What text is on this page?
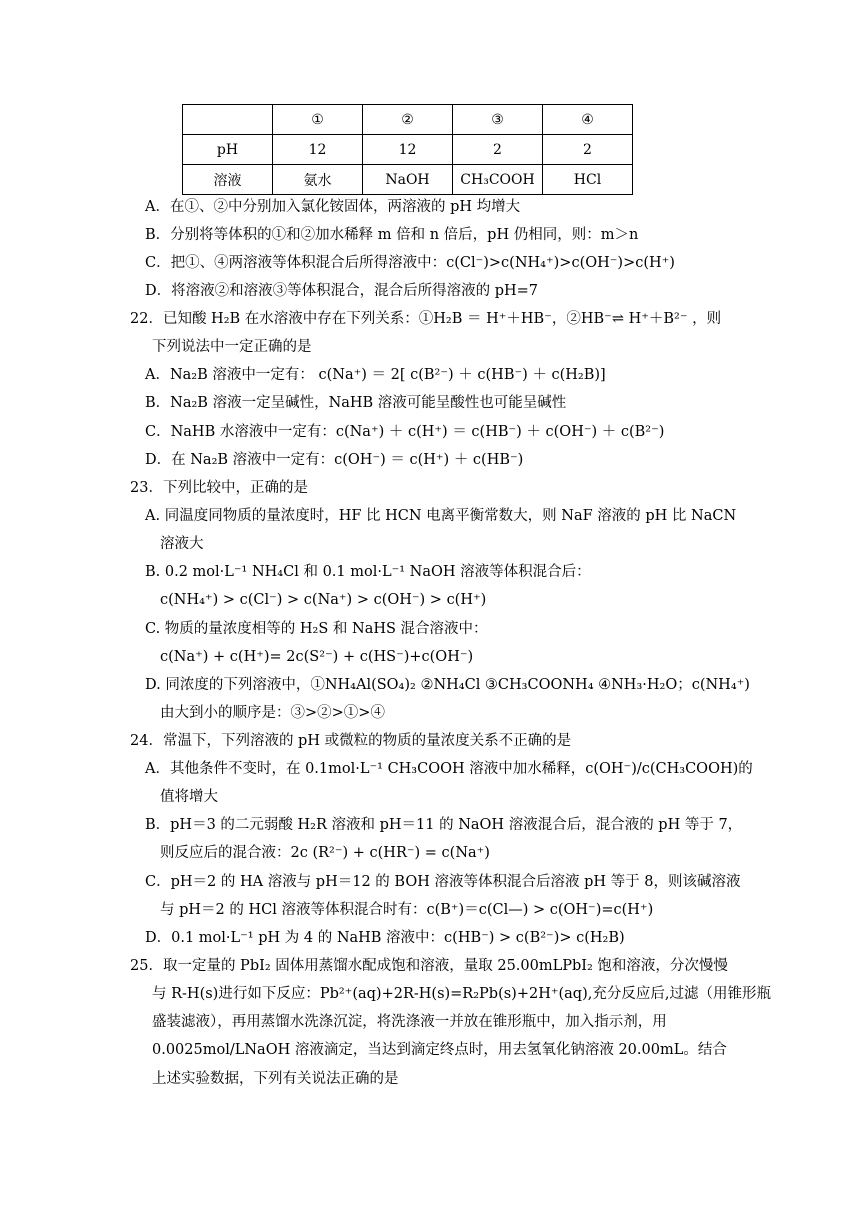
	①	②	③	④
pH	12	12	2	2
溶液	氨水	NaOH	CH₃COOH	HCl
A．在①、②中分别加入氯化铵固体，两溶液的 pH 均增大
B．分别将等体积的①和②加水稀释 m 倍和 n 倍后，pH 仍相同，则：m＞n
C．把①、④两溶液等体积混合后所得溶液中：c(Cl⁻)>c(NH₄⁺)>c(OH⁻)>c(H⁺)
D．将溶液②和溶液③等体积混合，混合后所得溶液的 pH=7
22．已知酸 H₂B 在水溶液中存在下列关系：①H₂B ＝ H⁺＋HB⁻，②HB⁻⇌ H⁺＋B²⁻ ，则
下列说法中一定正确的是
A．Na₂B 溶液中一定有： c(Na⁺) ＝ 2[ c(B²⁻) ＋ c(HB⁻) ＋ c(H₂B)]
B．Na₂B 溶液一定呈碱性，NaHB 溶液可能呈酸性也可能呈碱性
C．NaHB 水溶液中一定有：c(Na⁺) ＋ c(H⁺) ＝ c(HB⁻) ＋ c(OH⁻) ＋ c(B²⁻)
D．在 Na₂B 溶液中一定有：c(OH⁻) ＝ c(H⁺) ＋ c(HB⁻)
23．下列比较中，正确的是
A. 同温度同物质的量浓度时，HF 比 HCN 电离平衡常数大，则 NaF 溶液的 pH 比 NaCN
溶液大
B. 0.2 mol·L⁻¹ NH₄Cl 和 0.1 mol·L⁻¹ NaOH 溶液等体积混合后：
c(NH₄⁺) > c(Cl⁻) > c(Na⁺) > c(OH⁻) > c(H⁺)
C. 物质的量浓度相等的 H₂S 和 NaHS 混合溶液中：
c(Na⁺) + c(H⁺)= 2c(S²⁻) + c(HS⁻)+c(OH⁻)
D. 同浓度的下列溶液中，①NH₄Al(SO₄)₂ ②NH₄Cl ③CH₃COONH₄ ④NH₃·H₂O；c(NH₄⁺)
由大到小的顺序是：③>②>①>④
24．常温下，下列溶液的 pH 或微粒的物质的量浓度关系不正确的是
A．其他条件不变时，在 0.1mol·L⁻¹ CH₃COOH 溶液中加水稀释，c(OH⁻)/c(CH₃COOH)的
值将增大
B．pH＝3 的二元弱酸 H₂R 溶液和 pH＝11 的 NaOH 溶液混合后，混合液的 pH 等于 7，
则反应后的混合液：2c (R²⁻) + c(HR⁻) = c(Na⁺)
C．pH＝2 的 HA 溶液与 pH＝12 的 BOH 溶液等体积混合后溶液 pH 等于 8，则该碱溶液
与 pH＝2 的 HCl 溶液等体积混合时有：c(B⁺)＝c(Cl—) > c(OH⁻)=c(H⁺)
D．0.1 mol·L⁻¹ pH 为 4 的 NaHB 溶液中：c(HB⁻) > c(B²⁻)> c(H₂B)
25．取一定量的 PbI₂ 固体用蒸馏水配成饱和溶液，量取 25.00mLPbI₂ 饱和溶液，分次慢慢
与 R-H(s)进行如下反应：Pb²⁺(aq)+2R-H(s)=R₂Pb(s)+2H⁺(aq),充分反应后,过滤（用锥形瓶
盛装滤液），再用蒸馏水洗涤沉淀，将洗涤液一并放在锥形瓶中，加入指示剂，用
0.0025mol/LNaOH 溶液滴定，当达到滴定终点时，用去氢氧化钠溶液 20.00mL。结合
上述实验数据，下列有关说法正确的是
